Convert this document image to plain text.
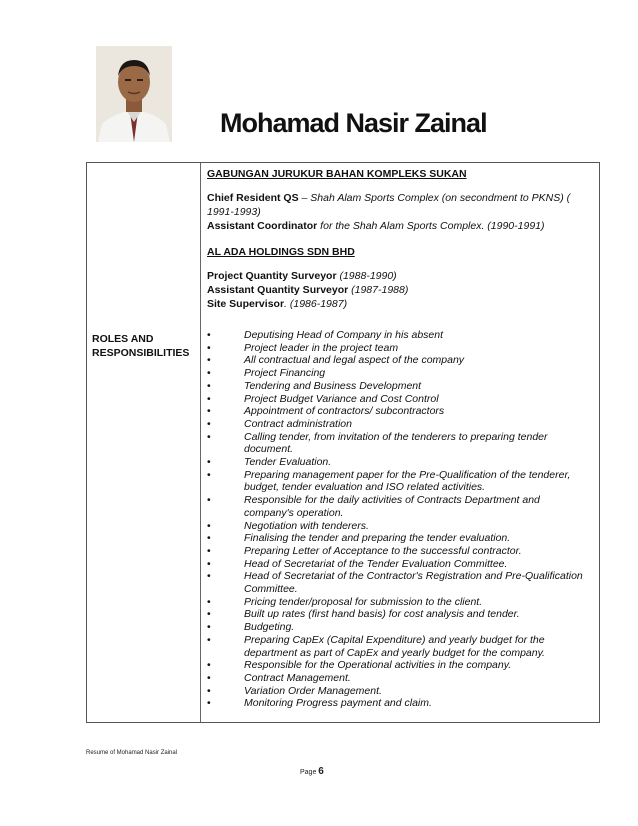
Mohamad Nasir Zainal
ROLES AND RESPONSIBILITIES
GABUNGAN JURUKUR BAHAN KOMPLEKS SUKAN

Chief Resident QS – Shah Alam Sports Complex (on secondment to PKNS) ( 1991-1993)

Assistant Coordinator for the Shah Alam Sports Complex. (1990-1991)

AL ADA HOLDINGS SDN BHD

Project Quantity Surveyor (1988-1990)

Assistant Quantity Surveyor (1987-1988)

Site Supervisor. (1986-1987)

•	Deputising Head of Company in his absent
•	Project leader in the project team
•	All contractual and legal aspect of the company
•	Project Financing
•	Tendering and Business Development
•	Project Budget Variance and Cost Control
•	Appointment of contractors/ subcontractors
•	Contract administration
•	Calling tender, from invitation of the tenderers to preparing tender document.
•	Tender Evaluation.
•	Preparing management paper for the Pre-Qualification of the tenderer, budget, tender evaluation and ISO related activities.
•	Responsible for the daily activities of Contracts Department and company's operation.
•	Negotiation with tenderers.
•	Finalising the tender and preparing the tender evaluation.
•	Preparing Letter of Acceptance to the successful contractor.
•	Head of Secretariat of the Tender Evaluation Committee.
•	Head of Secretariat of the Contractor's Registration and Pre-Qualification Committee.
•	Pricing tender/proposal for submission to the client.
•	Built up rates (first hand basis) for cost analysis and tender.
•	Budgeting.
•	Preparing CapEx (Capital Expenditure) and yearly budget for the department as part of CapEx and yearly budget for the company.
•	Responsible for the Operational activities in the company.
•	Contract Management.
•	Variation Order Management.
•	Monitoring Progress payment and claim.
Resume of Mohamad Nasir Zainal
Page 6
